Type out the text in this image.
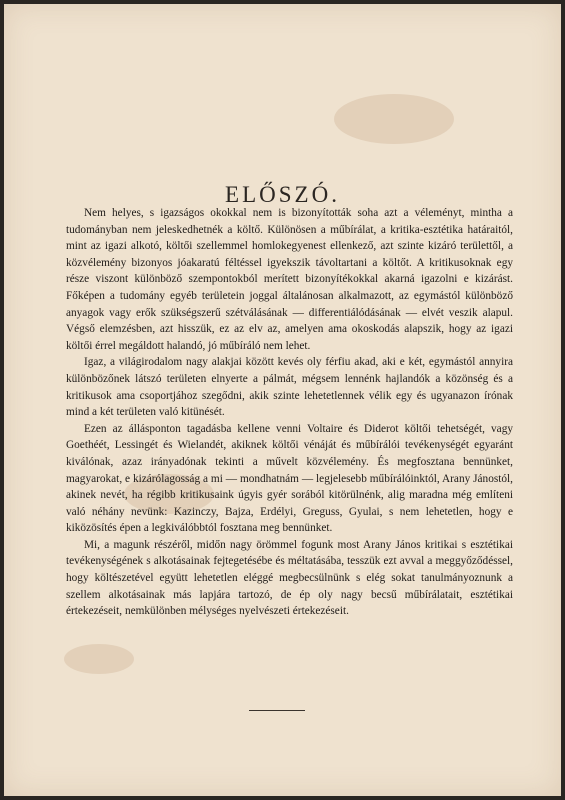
ELŐSZÓ.

Nem helyes, s igazságos okokkal nem is bizonyították soha azt a véleményt, mintha a tudományban nem jeleskedhetnék a költő. Különösen a műbírálat, a kritika-esztétika határaitól, mint az igazi alkotó, költői szellemmel homlokegyenest ellenkező, azt szinte kizáró területtől, a közvélemény bizonyos jóakaratú féltéssel igyekszik távoltartani a költőt. A kritikusoknak egy része viszont különböző szempontokból merített bizonyítékokkal akarná igazolni e kizárást. Főképen a tudomány egyéb területein joggal általánosan alkalmazott, az egymástól különböző anyagok vagy erők szükségszerű szétválásának — differentiálódásának — elvét veszik alapul. Végső elemzésben, azt hisszük, ez az elv az, amelyen ama okoskodás alapszik, hogy az igazi költői érrel megáldott halandó, jó műbíráló nem lehet.

Igaz, a világirodalom nagy alakjai között kevés oly férfiu akad, aki e két, egymástól annyira különbözőnek látszó területen elnyerte a pálmát, mégsem lennénk hajlandók a közönség és a kritikusok ama csoportjához szegődni, akik szinte lehetetlennek vélik egy és ugyanazon írónak mind a két területen való kitünését.

Ezen az állásponton tagadásba kellene venni Voltaire és Diderot költői tehetségét, vagy Goethéét, Lessingét és Wielandét, akiknek költői vénáját és műbírálói tevékenységét egyaránt kiválónak, azaz irányadónak tekinti a művelt közvélemény. És megfosztana bennünket, magyarokat, e kizárólagosság a mi — mondhatnám — legjelesebb műbírálóinktól, Arany Jánostól, akinek nevét, ha régibb kritikusaink úgyis gyér sorából kitörülnénk, alig maradna még említeni való néhány nevünk: Kazinczy, Bajza, Erdélyi, Greguss, Gyulai, s nem lehetetlen, hogy e kiközösítés épen a legkiválóbbtól fosztana meg bennünket.

Mi, a magunk részéről, midőn nagy örömmel fogunk most Arany János kritikai s esztétikai tevékenységének s alkotásainak fejtegetésébe és méltatásába, tesszük ezt avval a meggyőződéssel, hogy költészetével együtt lehetetlen eléggé megbecsülnünk s elég sokat tanulmányoznunk a szellem alkotásainak más lapjára tartozó, de ép oly nagy becsű műbírálatait, esztétikai értekezéseit, nemkülönben mélységes nyelvészeti értekezéseit.
